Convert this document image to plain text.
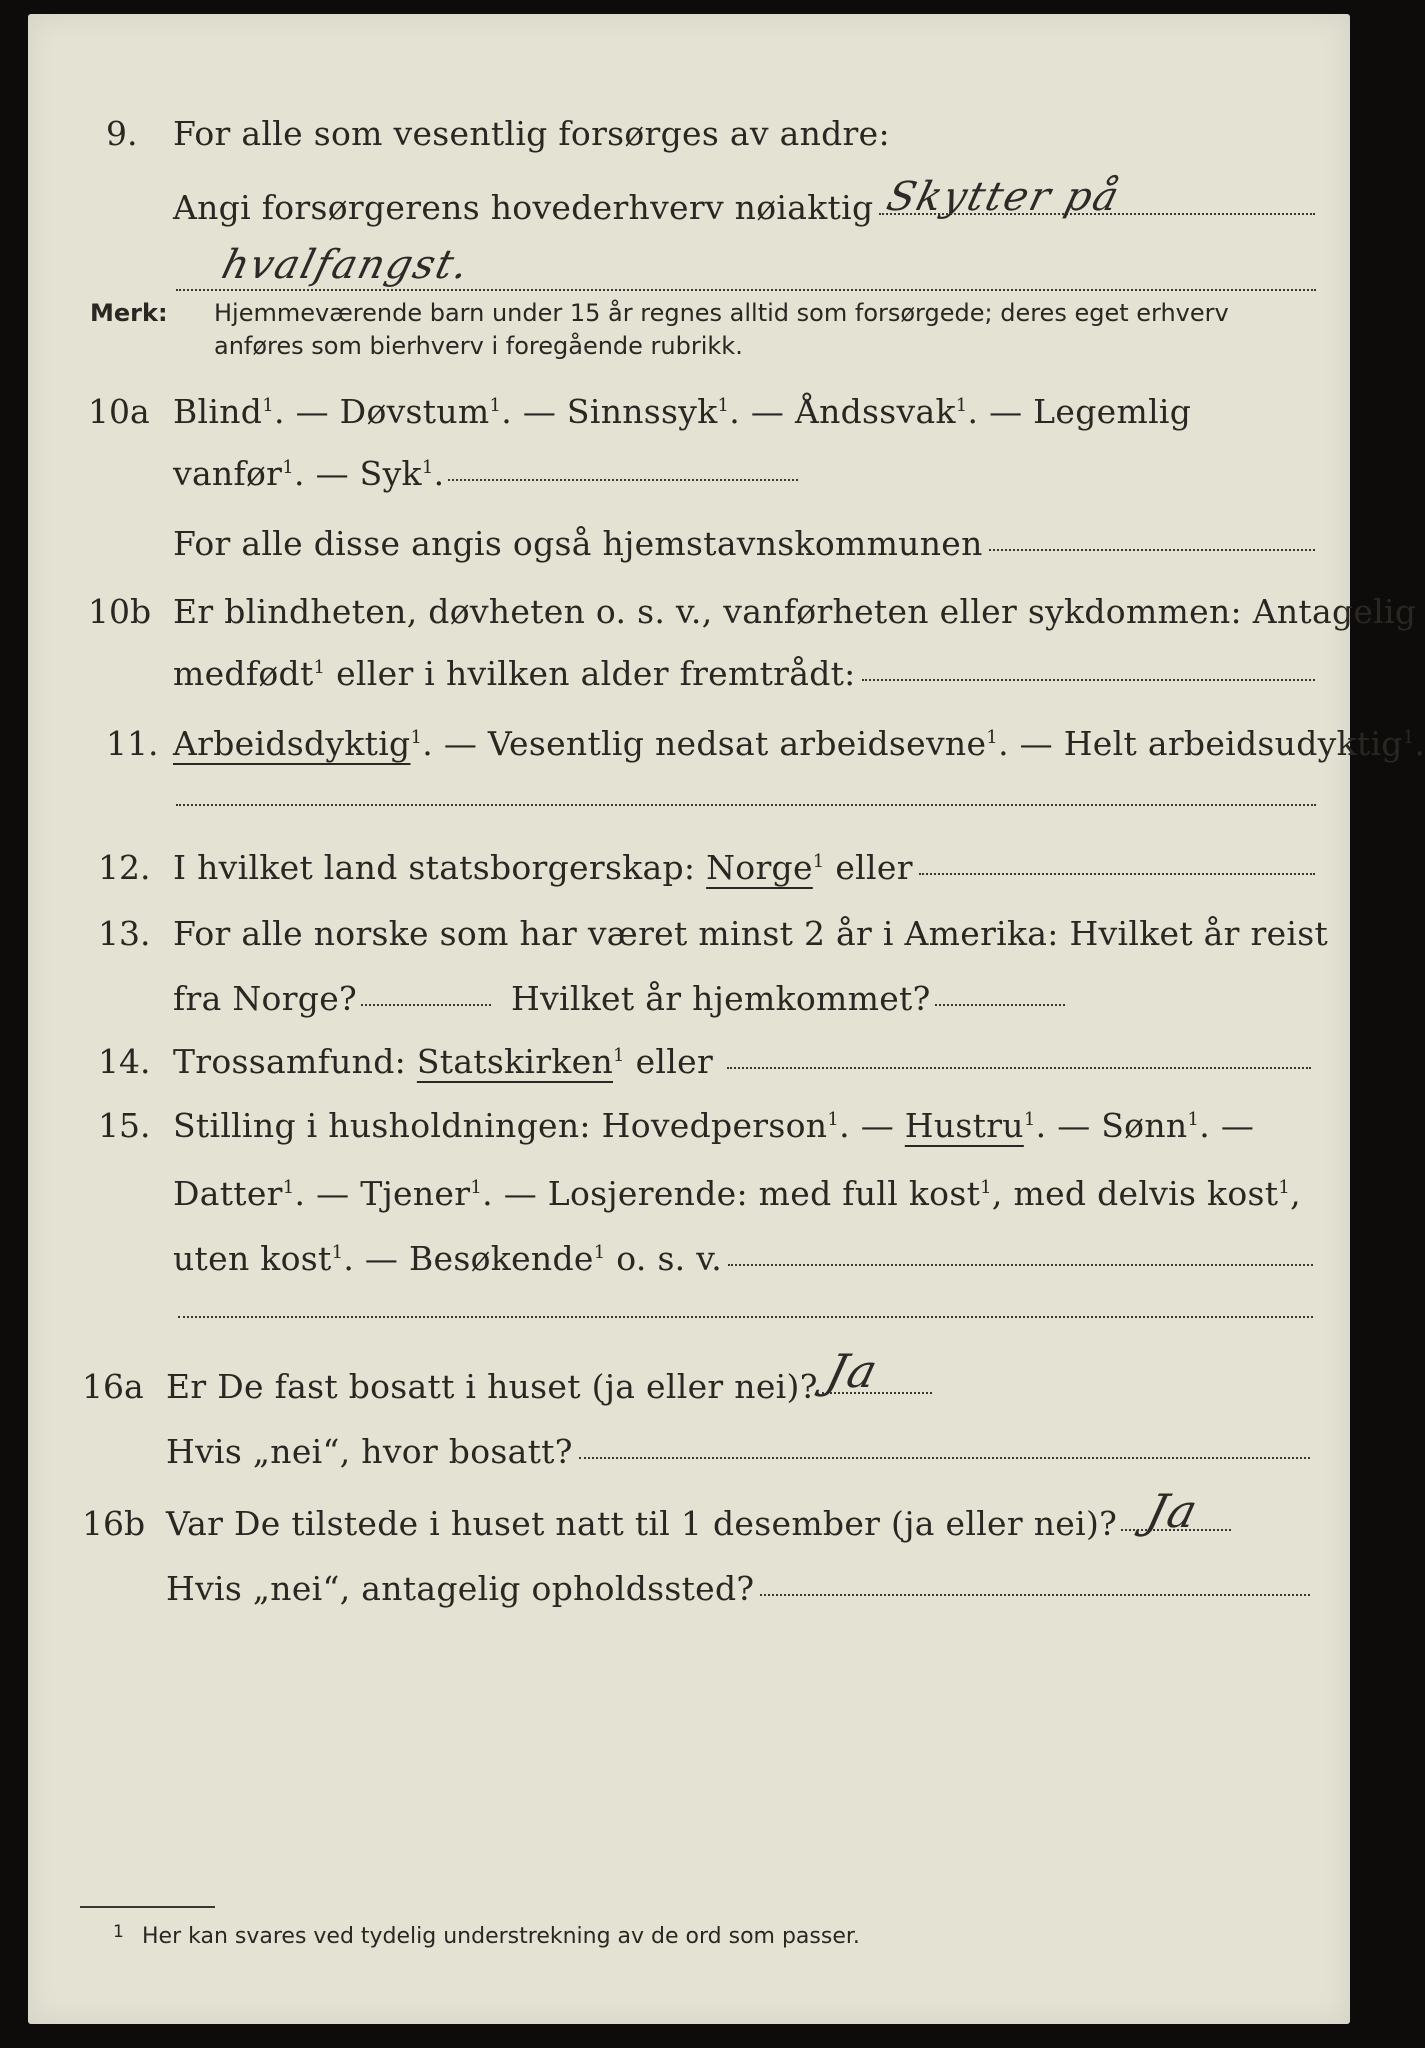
9. For alle som vesentlig forsørges av andre:
Angi forsørgerens hovederhverv nøiaktig Skytter på
hvalfangst.
Merk: Hjemmeværende barn under 15 år regnes alltid som forsørgede; deres eget erhverv
anføres som bierhverv i foregående rubrikk.
10a Blind$^1$. — Døvstum$^1$. — Sinnssyk$^1$. — Åndssvak$^1$. — Legemlig
vanfør$^1$. — Syk$^1$.
For alle disse angis også hjemstavnskommunen
10b Er blindheten, døvheten o. s. v., vanførheten eller sykdommen: Antagelig
medfødt$^1$ eller i hvilken alder fremtrådt:
11. Arbeidsdyktig$^1$. — Vesentlig nedsat arbeidsevne$^1$. — Helt arbeidsudyktig$^1$.
12. I hvilket land statsborgerskap: Norge$^1$ eller
13. For alle norske som har været minst 2 år i Amerika: Hvilket år reist
fra Norge?	Hvilket år hjemkommet?
14. Trossamfund: Statskirken$^1$ eller
15. Stilling i husholdningen: Hovedperson$^1$. — Hustru$^1$. — Sønn$^1$. —
Datter$^1$. — Tjener$^1$. — Losjerende: med full kost$^1$, med delvis kost$^1$,
uten kost$^1$. — Besøkende$^1$ o. s. v.
16a Er De fast bosatt i huset (ja eller nei)? Ja
Hvis „nei“, hvor bosatt?
16b Var De tilstede i huset natt til 1 desember (ja eller nei)? Ja
Hvis „nei“, antagelig opholdssted?
1 Her kan svares ved tydelig understrekning av de ord som passer.
